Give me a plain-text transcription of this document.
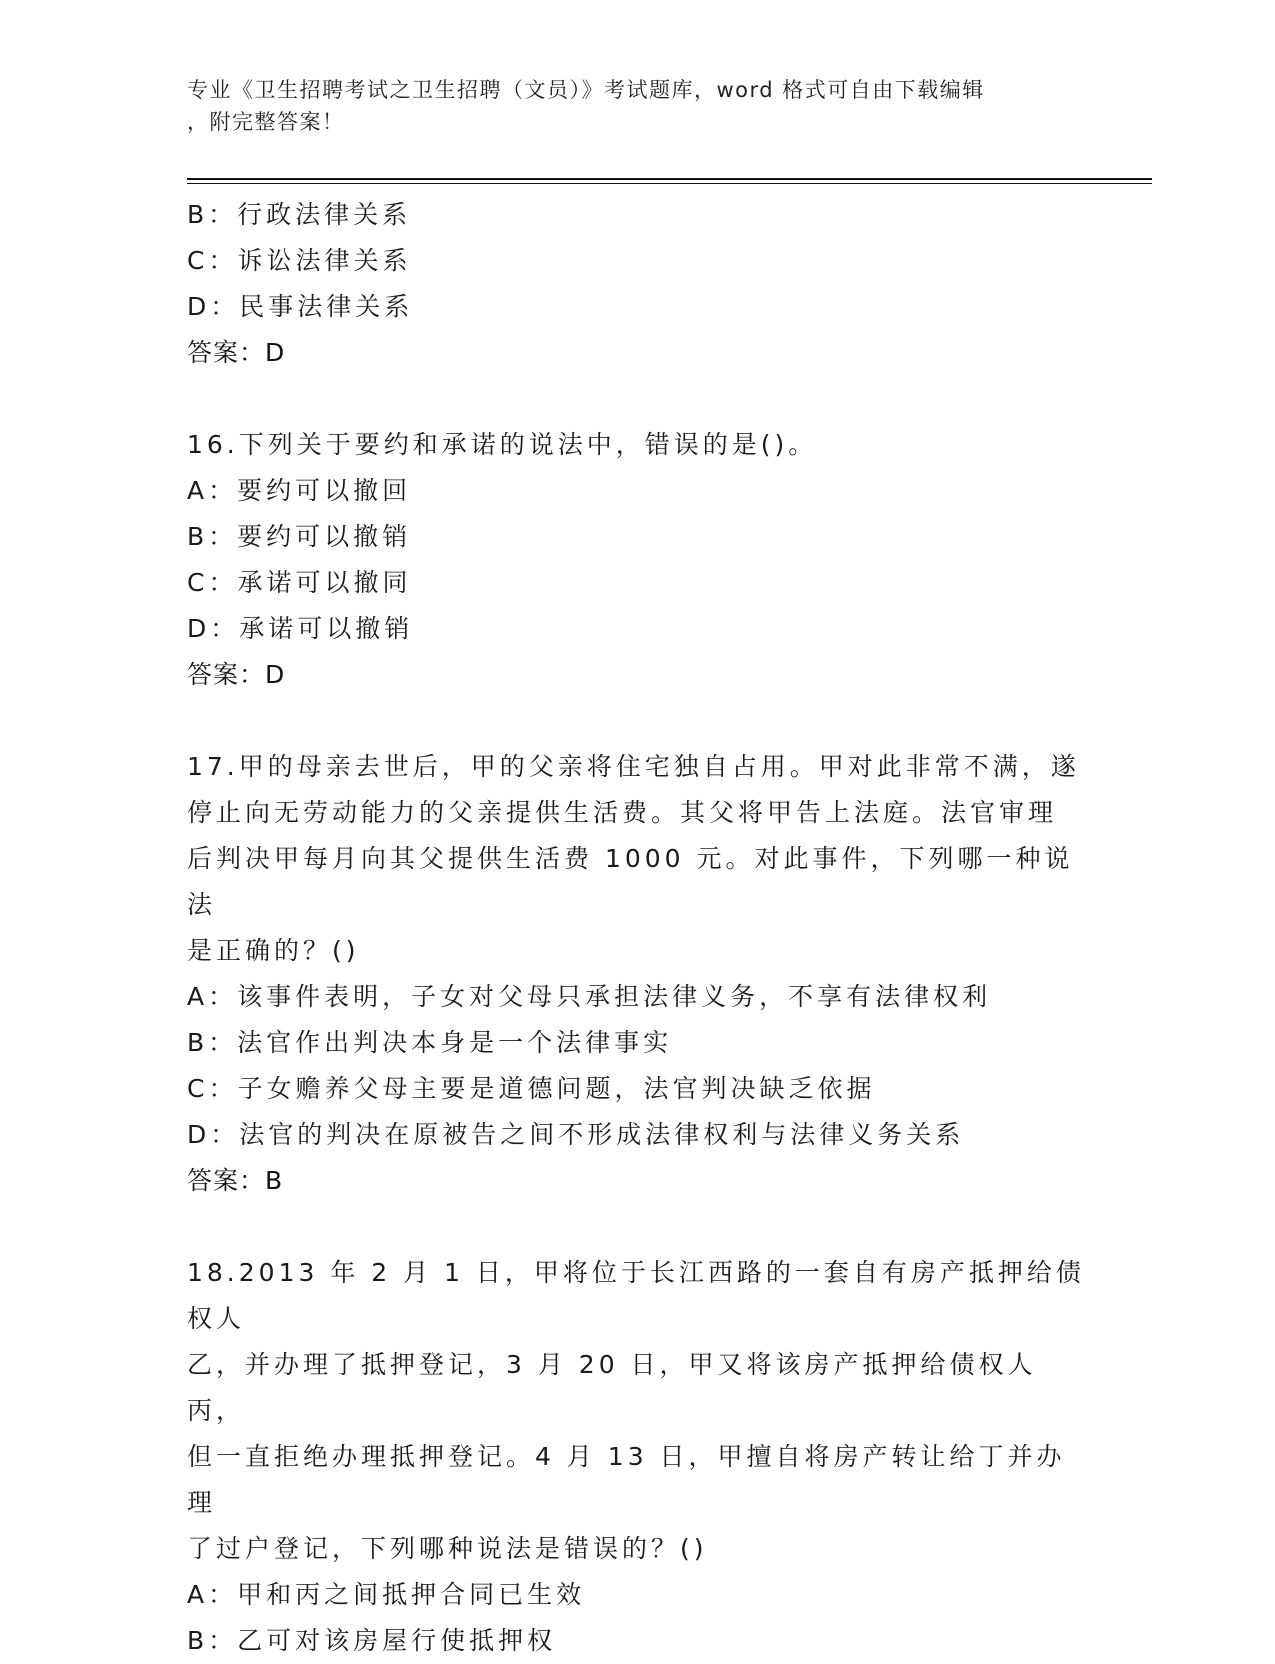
专业《卫生招聘考试之卫生招聘（文员）》考试题库，word 格式可自由下载编辑
，附完整答案！
B：行政法律关系
C：诉讼法律关系
D：民事法律关系
答案：D
16.下列关于要约和承诺的说法中，错误的是()。
A：要约可以撤回
B：要约可以撤销
C：承诺可以撤同
D：承诺可以撤销
答案：D
17.甲的母亲去世后，甲的父亲将住宅独自占用。甲对此非常不满，遂
停止向无劳动能力的父亲提供生活费。其父将甲告上法庭。法官审理
后判决甲每月向其父提供生活费 1000 元。对此事件，下列哪一种说法
是正确的？()
A：该事件表明，子女对父母只承担法律义务，不享有法律权利
B：法官作出判决本身是一个法律事实
C：子女赡养父母主要是道德问题，法官判决缺乏依据
D：法官的判决在原被告之间不形成法律权利与法律义务关系
答案：B
18.2013 年 2 月 1 日，甲将位于长江西路的一套自有房产抵押给债权人
乙，并办理了抵押登记，3 月 20 日，甲又将该房产抵押给债权人丙，
但一直拒绝办理抵押登记。4 月 13 日，甲擅自将房产转让给丁并办理
了过户登记，下列哪种说法是错误的？()
A：甲和丙之间抵押合同已生效
B：乙可对该房屋行使抵押权
